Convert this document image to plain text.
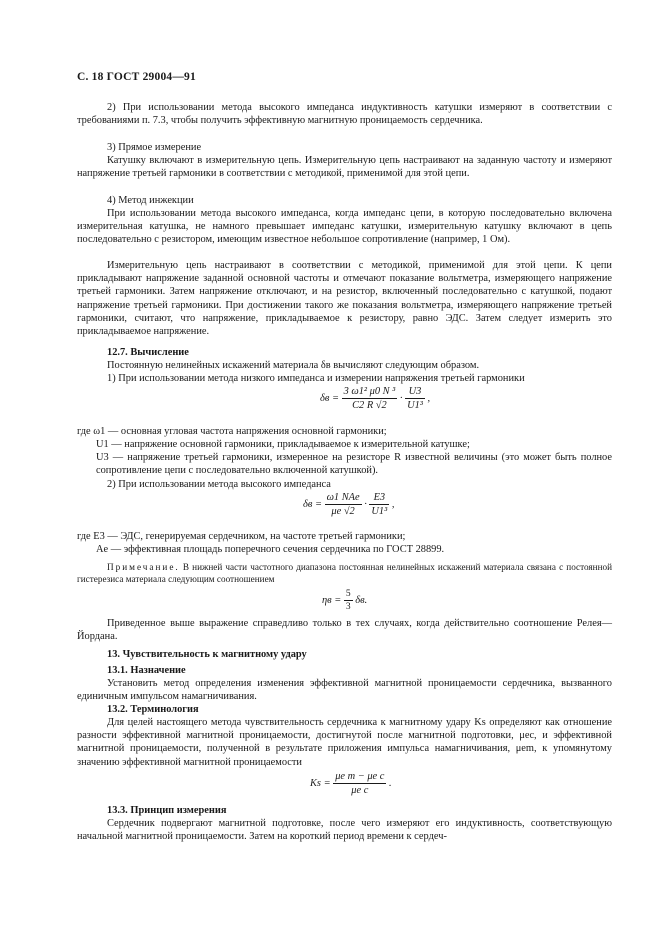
С. 18 ГОСТ 29004—91
2) При использовании метода высокого импеданса индуктивность катушки измеряют в соответствии с требованиями п. 7.3, чтобы получить эффективную магнитную проницаемость сердечника.
3) Прямое измерение
Катушку включают в измерительную цепь. Измерительную цепь настраивают на заданную частоту и измеряют напряжение третьей гармоники в соответствии с методикой, применимой для этой цепи.
4) Метод инжекции
При использовании метода высокого импеданса, когда импеданс цепи, в которую последовательно включена измерительная катушка, не намного превышает импеданс катушки, измерительную катушку включают в цепь последовательно с резистором, имеющим известное небольшое сопротивление (например, 1 Ом).
Измерительную цепь настраивают в соответствии с методикой, применимой для этой цепи. К цепи прикладывают напряжение заданной основной частоты и отмечают показание вольтметра, измеряющего напряжение третьей гармоники. Затем напряжение отключают, и на резистор, включенный последовательно с катушкой, подают напряжение третьей гармоники. При достижении такого же показания вольтметра, измеряющего напряжение третьей гармоники, считают, что напряжение, прикладываемое к резистору, равно ЭДС. Затем следует измерить это прикладываемое напряжение.
12.7. Вычисление
Постоянную нелинейных искажений материала δв вычисляют следующим образом.
1) При использовании метода низкого импеданса и измерении напряжения третьей гармоники
$\delta в = \frac{\text{3 ω1² μ0 N ³}}{C2 R √2} \cdot \frac{U3}{\text{U1³}}$ ,
где ω1 — основная угловая частота напряжения основной гармоники;
U1 — напряжение основной гармоники, прикладываемое к измерительной катушке;
U3 — напряжение третьей гармоники, измеренное на резисторе R известной величины (это может быть полное сопротивление цепи с последовательно включенной катушкой).
2) При использовании метода высокого импеданса
$\delta в = \frac{\text{ω1 NAe}}{\mu e √2} \cdot \frac{E3}{\text{U1³}}$ ,
где E3 — ЭДС, генерируемая сердечником, на частоте третьей гармоники;
Ae — эффективная площадь поперечного сечения сердечника по ГОСТ 28899.
Примечание. В нижней части частотного диапазона постоянная нелинейных искажений материала связана с постоянной гистерезиса материала следующим соотношением
$\eta в = \frac{5}{3} \delta в$.
Приведенное выше выражение справедливо только в тех случаях, когда действительно соотношение Релея—Йордана.
13. Чувствительность к магнитному удару
13.1. Назначение
Установить метод определения изменения эффективной магнитной проницаемости сердечника, вызванного единичным импульсом намагничивания.
13.2. Терминология
Для целей настоящего метода чувствительность сердечника к магнитному удару Ks определяют как отношение разности эффективной магнитной проницаемости, достигнутой после магнитной подготовки, μec, и эффективной магнитной проницаемости, полученной в результате приложения импульса намагничивания, μem, к упомянутому значению эффективной магнитной проницаемости
$Ks = \frac{\text{μe m − μe c}}{\text{μe c}}$ .
13.3. Принцип измерения
Сердечник подвергают магнитной подготовке, после чего измеряют его индуктивность, соответствующую начальной магнитной проницаемости. Затем на короткий период времени к сердеч-
